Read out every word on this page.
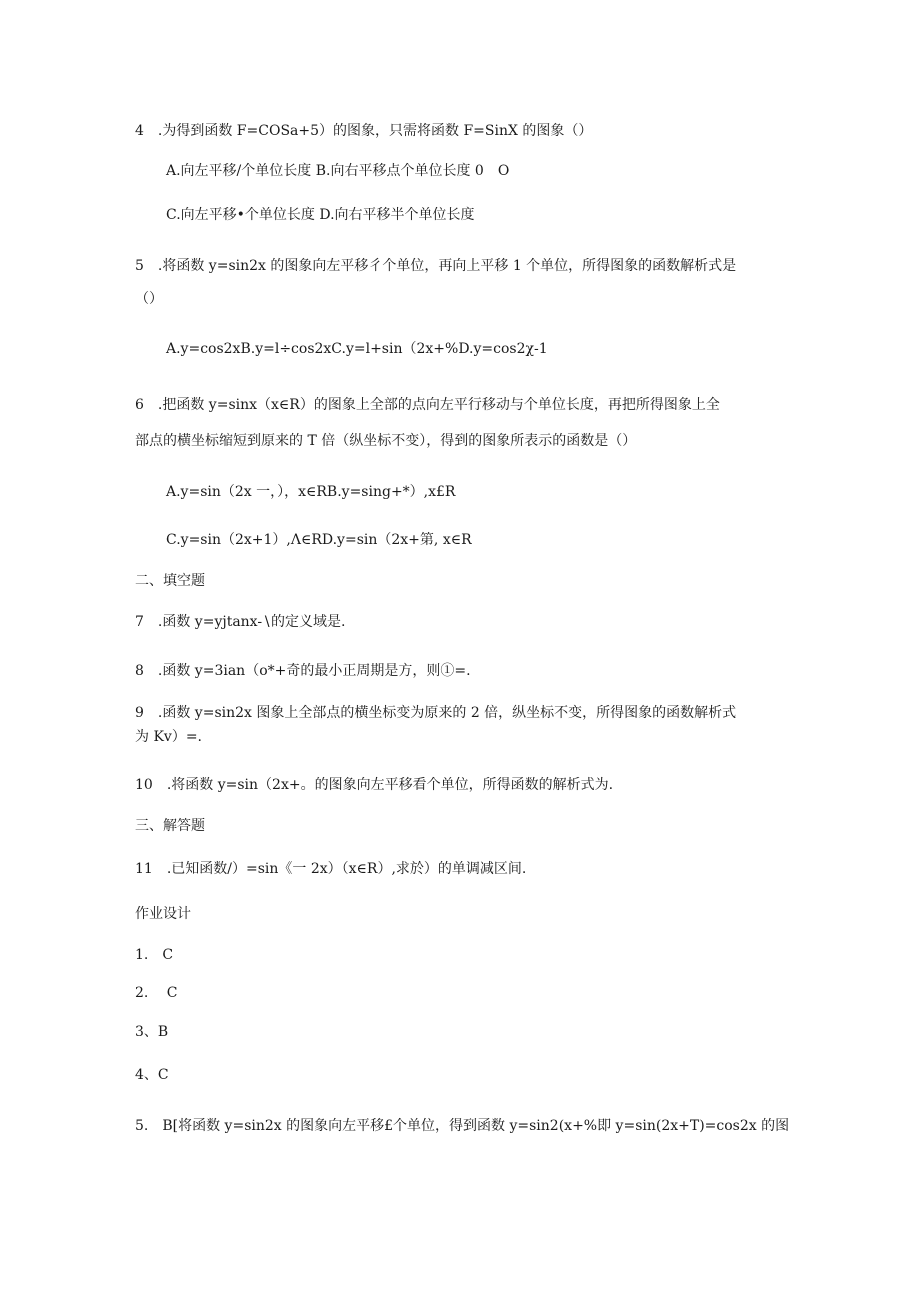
4　.为得到函数 F=COSa+5）的图象，只需将函数 F=SinX 的图象（）
A.向左平移/个单位长度 B.向右平移点个单位长度 0　O
C.向左平移•个单位长度 D.向右平移半个单位长度
5　.将函数 y=sin2x 的图象向左平移彳个单位，再向上平移 1 个单位，所得图象的函数解析式是
（）
A.y=cos2xB.y=l÷cos2xC.y=l+sin（2x+%D.y=cos2χ-1
6　.把函数 y=sinx（x∈R）的图象上全部的点向左平行移动与个单位长度，再把所得图象上全
部点的横坐标缩短到原来的 T 倍（纵坐标不变），得到的图象所表示的函数是（）
A.y=sin（2x 一，），x∈RB.y=sing+*）,x£R
C.y=sin（2x+1）,Λ∈RD.y=sin（2x+第, x∈R
二、填空题
7　.函数 y=yjtanx-∖的定义域是.
8　.函数 y=3ian（o*+奇的最小正周期是方，则①=.
9　.函数 y=sin2x 图象上全部点的横坐标变为原来的 2 倍，纵坐标不变，所得图象的函数解析式
为 Kv）=.
10　.将函数 y=sin（2x+。的图象向左平移看个单位，所得函数的解析式为.
三、解答题
11　.已知函数/）=sin《一 2x）（x∈R）,求於）的单调减区间.
作业设计
1.　C
2.　 C
3、B
4、C
5.　B[将函数 y=sin2x 的图象向左平移£个单位，得到函数 y=sin2(x+%即 y=sin(2x+T)=cos2x 的图
